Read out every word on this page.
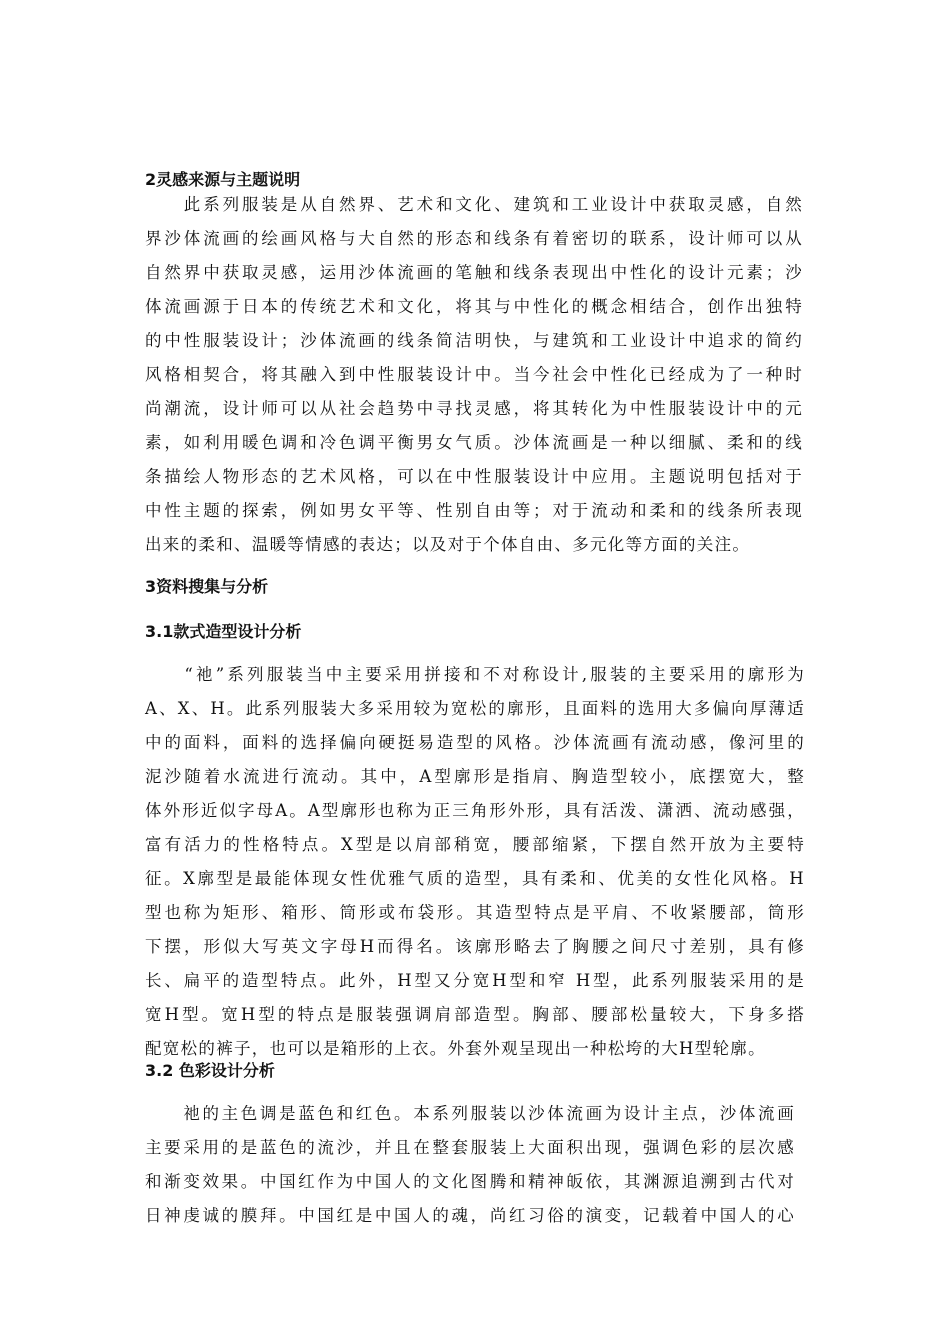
2灵感来源与主题说明
　　此系列服装是从自然界、艺术和文化、建筑和工业设计中获取灵感，自然
界沙体流画的绘画风格与大自然的形态和线条有着密切的联系，设计师可以从
自然界中获取灵感，运用沙体流画的笔触和线条表现出中性化的设计元素；沙
体流画源于日本的传统艺术和文化，将其与中性化的概念相结合，创作出独特
的中性服装设计；沙体流画的线条简洁明快，与建筑和工业设计中追求的简约
风格相契合，将其融入到中性服装设计中。当今社会中性化已经成为了一种时
尚潮流，设计师可以从社会趋势中寻找灵感，将其转化为中性服装设计中的元
素，如利用暖色调和冷色调平衡男女气质。沙体流画是一种以细腻、柔和的线
条描绘人物形态的艺术风格，可以在中性服装设计中应用。主题说明包括对于
中性主题的探索，例如男女平等、性别自由等；对于流动和柔和的线条所表现
出来的柔和、温暖等情感的表达；以及对于个体自由、多元化等方面的关注。
3资料搜集与分析
3.1款式造型设计分析
　　“祂”系列服装当中主要采用拼接和不对称设计,服装的主要采用的廓形为
A、X、H。此系列服装大多采用较为宽松的廓形，且面料的选用大多偏向厚薄适
中的面料，面料的选择偏向硬挺易造型的风格。沙体流画有流动感，像河里的
泥沙随着水流进行流动。其中，A型廓形是指肩、胸造型较小，底摆宽大，整
体外形近似字母A。A型廓形也称为正三角形外形，具有活泼、潇洒、流动感强，
富有活力的性格特点。X型是以肩部稍宽，腰部缩紧，下摆自然开放为主要特
征。X廓型是最能体现女性优雅气质的造型，具有柔和、优美的女性化风格。H
型也称为矩形、箱形、筒形或布袋形。其造型特点是平肩、不收紧腰部，筒形
下摆，形似大写英文字母H而得名。该廓形略去了胸腰之间尺寸差别，具有修
长、扁平的造型特点。此外，H型又分宽H型和窄 H型，此系列服装采用的是
宽H型。宽H型的特点是服装强调肩部造型。胸部、腰部松量较大，下身多搭
配宽松的裤子，也可以是箱形的上衣。外套外观呈现出一种松垮的大H型轮廓。
3.2 色彩设计分析
　　祂的主色调是蓝色和红色。本系列服装以沙体流画为设计主点，沙体流画
主要采用的是蓝色的流沙，并且在整套服装上大面积出现，强调色彩的层次感
和渐变效果。中国红作为中国人的文化图腾和精神皈依，其渊源追溯到古代对
日神虔诚的膜拜。中国红是中国人的魂，尚红习俗的演变，记载着中国人的心
